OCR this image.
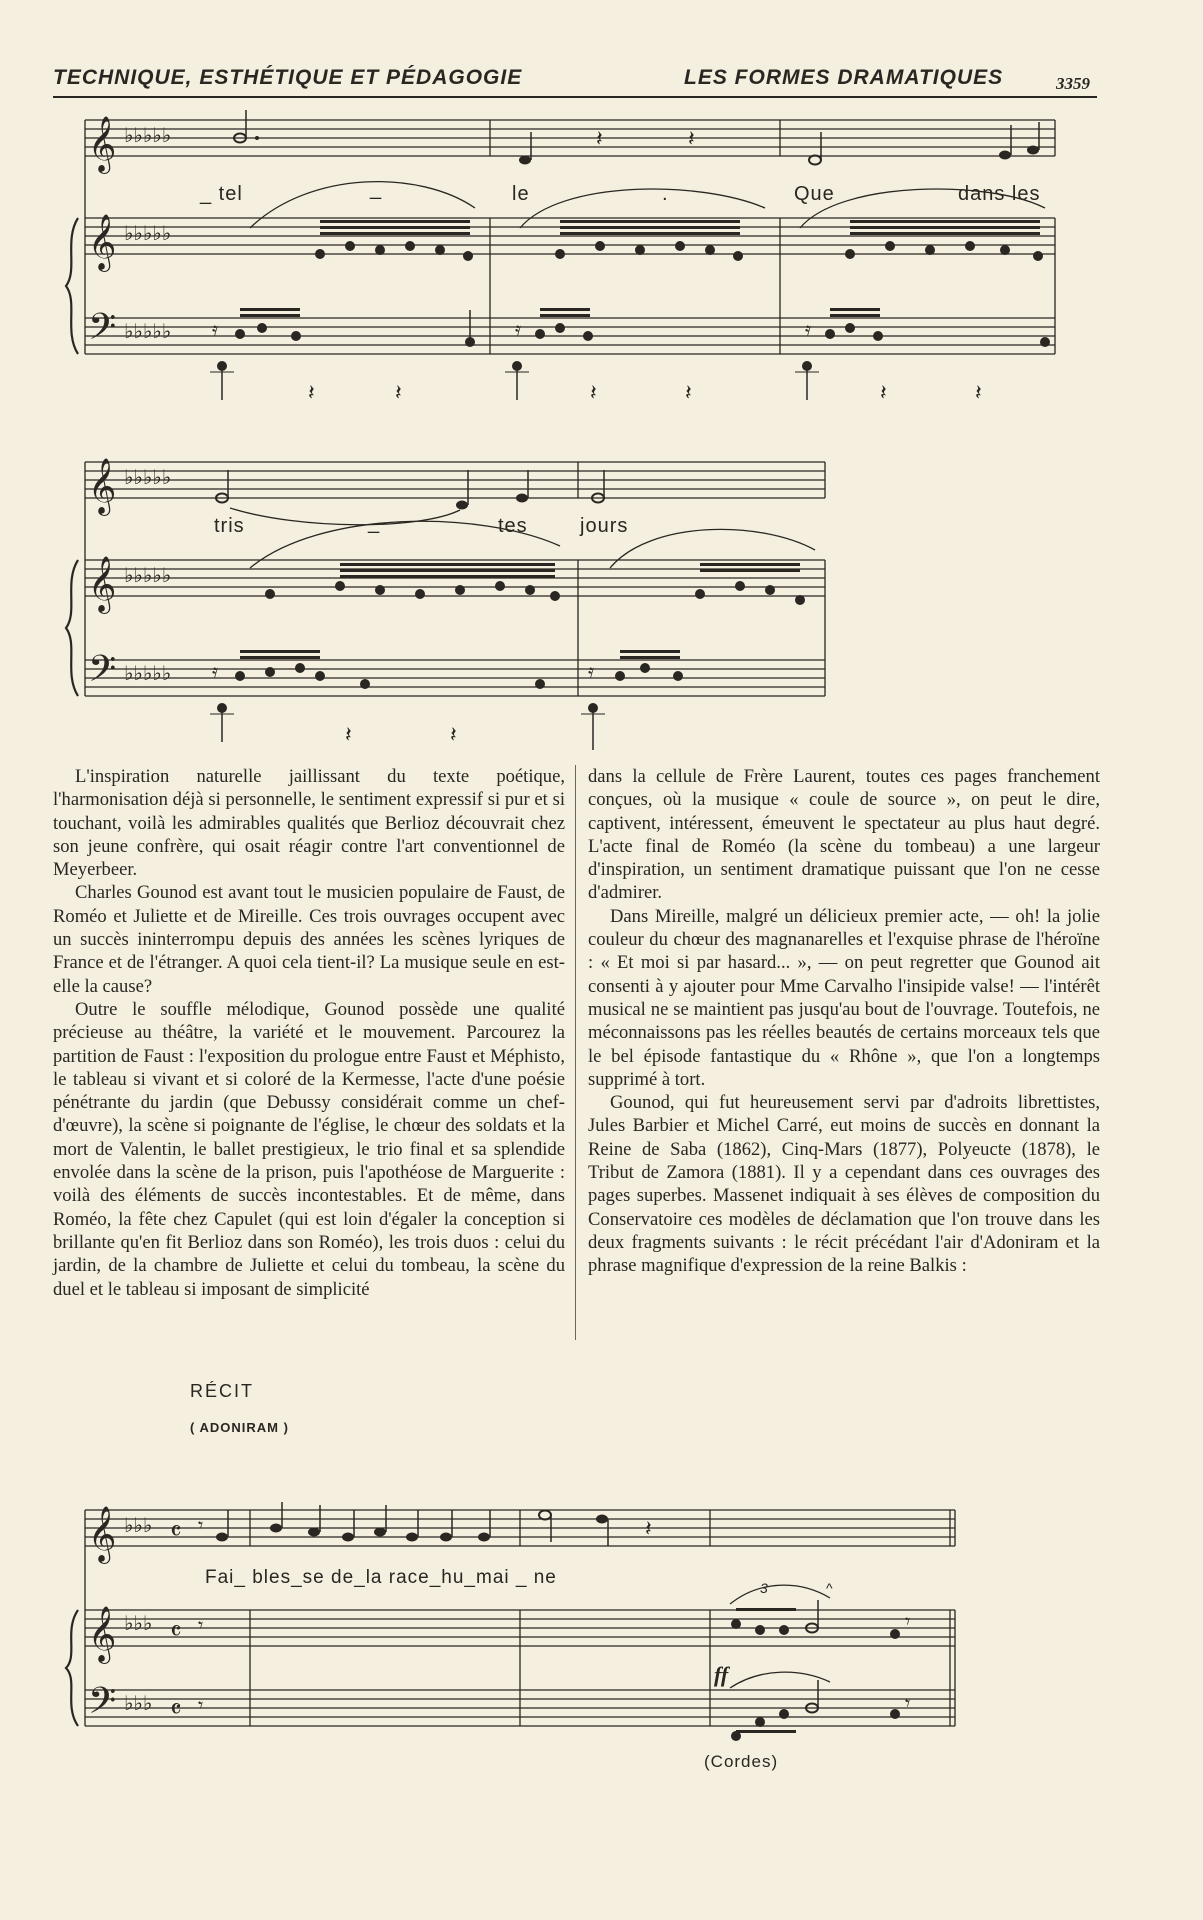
TECHNIQUE, ESTHÉTIQUE ET PÉDAGOGIE	LES FORMES DRAMATIQUES	3359
𝄞
𝄞
𝄢
♭♭♭♭♭
♭♭♭♭♭
♭♭♭♭♭
𝄽	𝄽
𝄿	𝄿	𝄿
𝄽	𝄽	𝄽	𝄽	𝄽	𝄽
_ tel	_	le	.	Que	dans les
𝄞
𝄞
𝄢
♭♭♭♭♭
♭♭♭♭♭
♭♭♭♭♭ 𝄿	𝄿
𝄽	𝄽
tris	_	tes	jours

L'inspiration naturelle jaillissant du texte poétique, l'harmonisation déjà si personnelle, le sentiment expressif si pur et si touchant, voilà les admirables qualités que Berlioz découvrait chez son jeune confrère, qui osait réagir contre l'art conventionnel de Meyerbeer.

Charles Gounod est avant tout le musicien populaire de Faust, de Roméo et Juliette et de Mireille. Ces trois ouvrages occupent avec un succès ininterrompu depuis des années les scènes lyriques de France et de l'étranger. A quoi cela tient-il? La musique seule en est-elle la cause?

Outre le souffle mélodique, Gounod possède une qualité précieuse au théâtre, la variété et le mouvement. Parcourez la partition de Faust : l'exposition du prologue entre Faust et Méphisto, le tableau si vivant et si coloré de la Kermesse, l'acte d'une poésie pénétrante du jardin (que Debussy considérait comme un chef-d'œuvre), la scène si poignante de l'église, le chœur des soldats et la mort de Valentin, le ballet prestigieux, le trio final et sa splendide envolée dans la scène de la prison, puis l'apothéose de Marguerite : voilà des éléments de succès incontestables. Et de même, dans Roméo, la fête chez Capulet (qui est loin d'égaler la conception si brillante qu'en fit Berlioz dans son Roméo), les trois duos : celui du jardin, de la chambre de Juliette et celui du tombeau, la scène du duel et le tableau si imposant de simplicité

dans la cellule de Frère Laurent, toutes ces pages franchement conçues, où la musique « coule de source », on peut le dire, captivent, intéressent, émeuvent le spectateur au plus haut degré. L'acte final de Roméo (la scène du tombeau) a une largeur d'inspiration, un sentiment dramatique puissant que l'on ne cesse d'admirer.

Dans Mireille, malgré un délicieux premier acte, — oh! la jolie couleur du chœur des magnanarelles et l'exquise phrase de l'héroïne : « Et moi si par hasard... », — on peut regretter que Gounod ait consenti à y ajouter pour Mme Carvalho l'insipide valse! — l'intérêt musical ne se maintient pas jusqu'au bout de l'ouvrage. Toutefois, ne méconnaissons pas les réelles beautés de certains morceaux tels que le bel épisode fantastique du « Rhône », que l'on a longtemps supprimé à tort.

Gounod, qui fut heureusement servi par d'adroits librettistes, Jules Barbier et Michel Carré, eut moins de succès en donnant la Reine de Saba (1862), Cinq-Mars (1877), Polyeucte (1878), le Tribut de Zamora (1881). Il y a cependant dans ces ouvrages des pages superbes. Massenet indiquait à ses élèves de composition du Conservatoire ces modèles de déclamation que l'on trouve dans les deux fragments suivants : le récit précédant l'air d'Adoniram et la phrase magnifique d'expression de la reine Balkis :

RÉCIT
( ADONIRAM )
𝄞
𝄞
𝄢
♭♭♭
♭♭♭
♭♭♭
𝄴
𝄴
𝄴
𝄾
𝄾
𝄾
𝄽
𝄾
𝄾
Fai_ bles_se de_la race_hu_mai _ ne
ff
3	^
(Cordes)
